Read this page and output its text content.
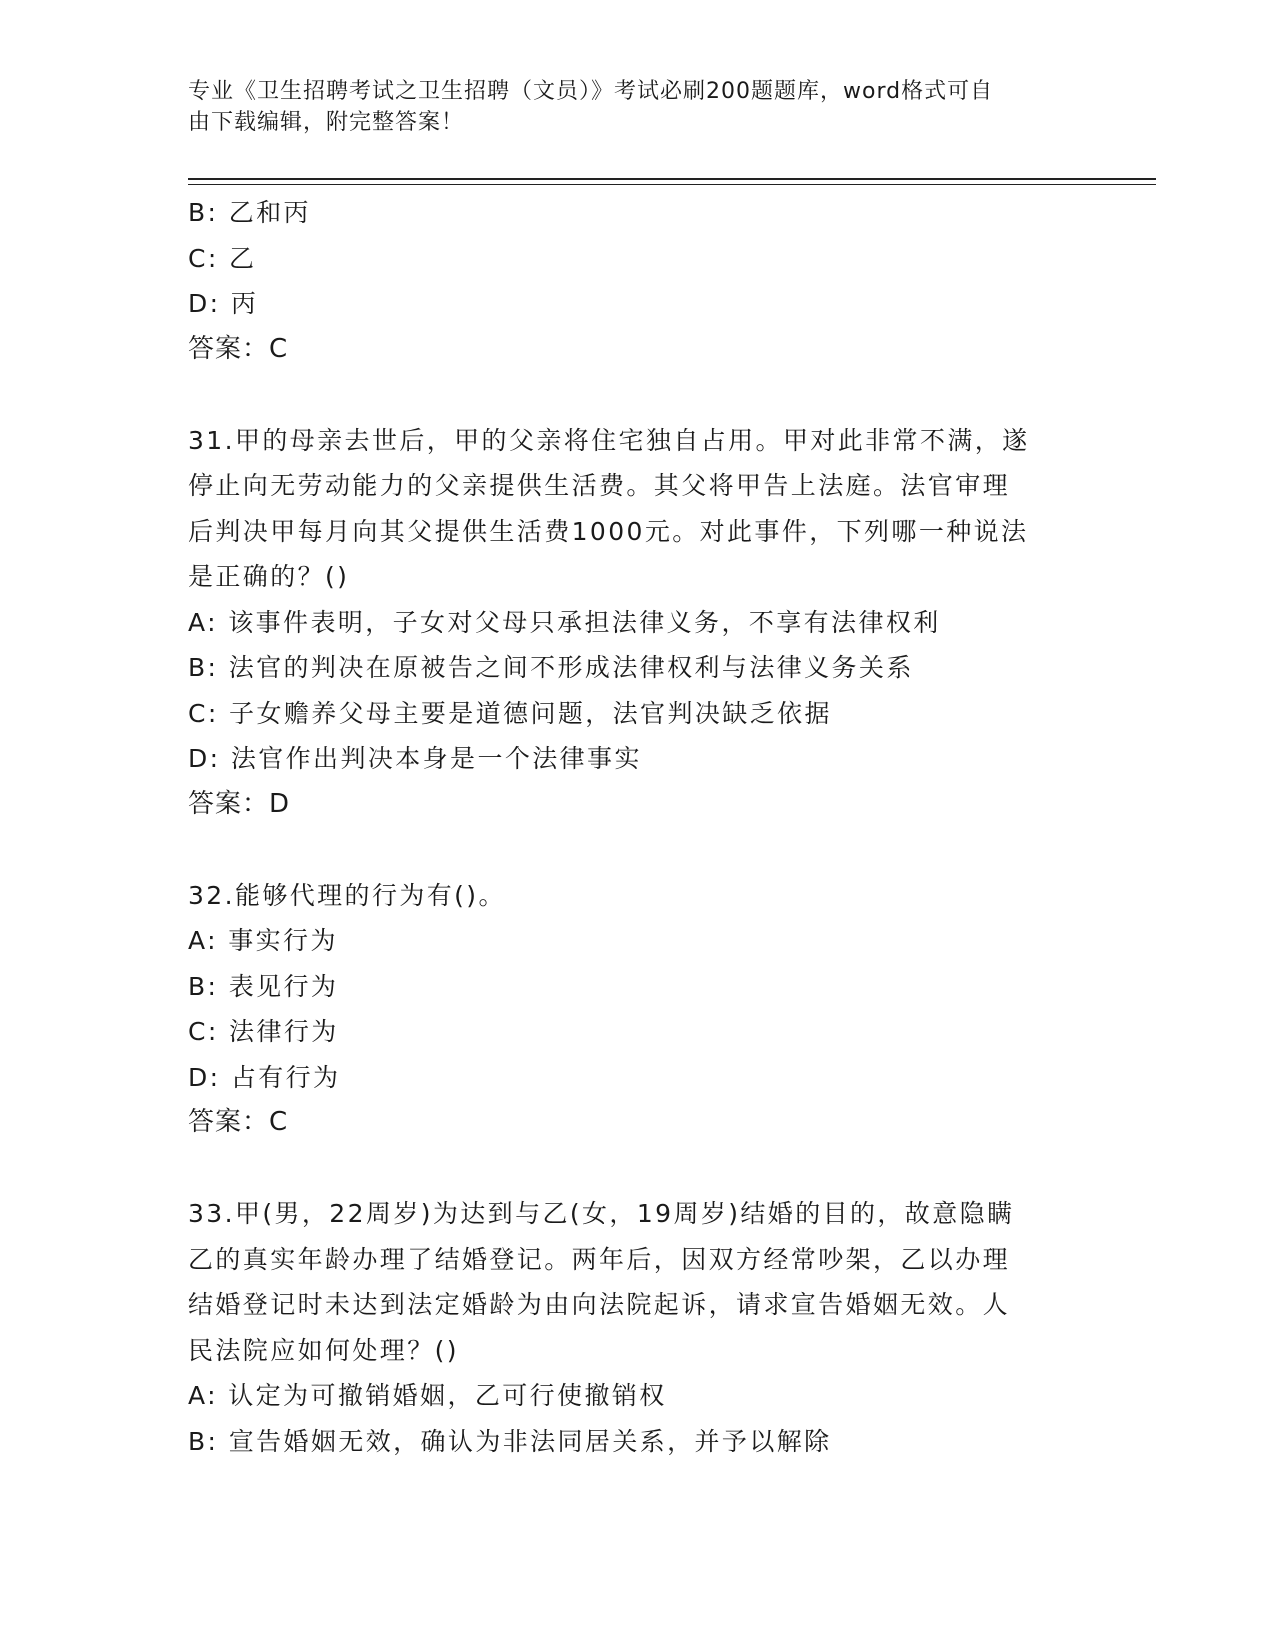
专业《卫生招聘考试之卫生招聘（文员）》考试必刷200题题库，word格式可自
由下载编辑，附完整答案！
B: 乙和丙
C: 乙
D: 丙
答案：C
31.甲的母亲去世后，甲的父亲将住宅独自占用。甲对此非常不满，遂
停止向无劳动能力的父亲提供生活费。其父将甲告上法庭。法官审理
后判决甲每月向其父提供生活费1000元。对此事件，下列哪一种说法
是正确的？()
A: 该事件表明，子女对父母只承担法律义务，不享有法律权利
B: 法官的判决在原被告之间不形成法律权利与法律义务关系
C: 子女赡养父母主要是道德问题，法官判决缺乏依据
D: 法官作出判决本身是一个法律事实
答案：D
32.能够代理的行为有()。
A: 事实行为
B: 表见行为
C: 法律行为
D: 占有行为
答案：C
33.甲(男，22周岁)为达到与乙(女，19周岁)结婚的目的，故意隐瞒
乙的真实年龄办理了结婚登记。两年后，因双方经常吵架，乙以办理
结婚登记时未达到法定婚龄为由向法院起诉，请求宣告婚姻无效。人
民法院应如何处理？()
A: 认定为可撤销婚姻，乙可行使撤销权
B: 宣告婚姻无效，确认为非法同居关系，并予以解除
